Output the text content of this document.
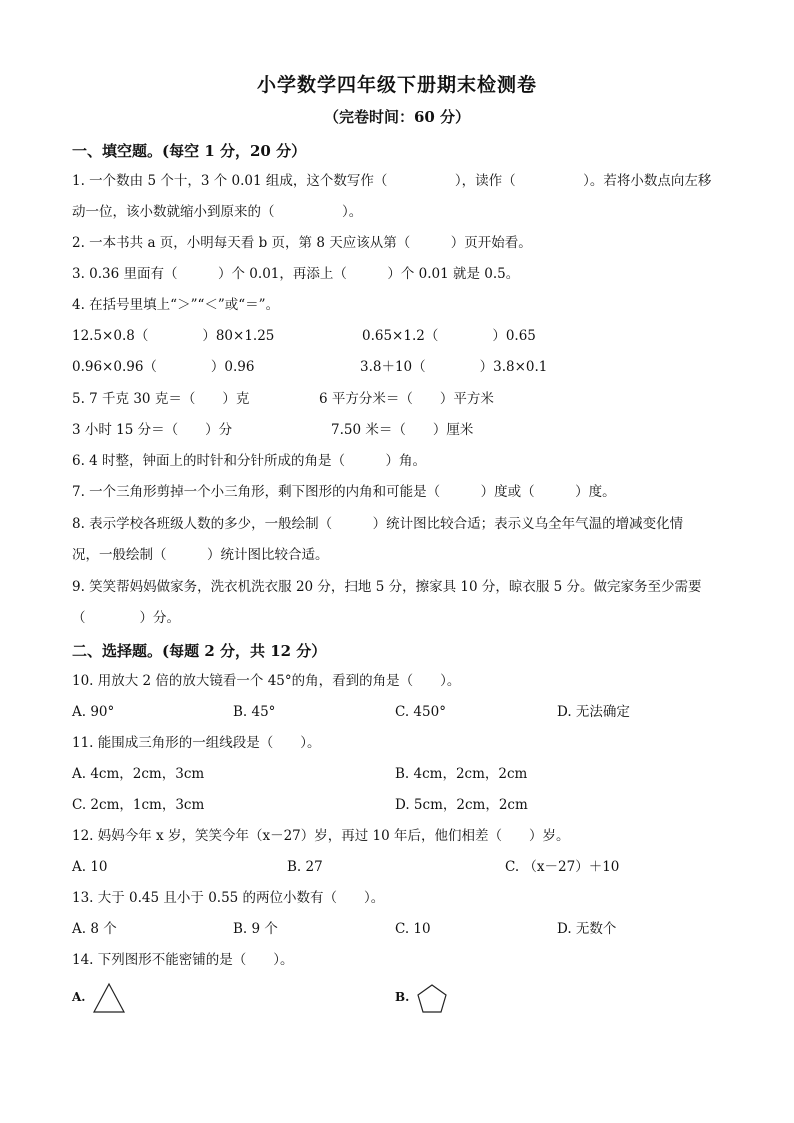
小学数学四年级下册期末检测卷
（完卷时间：60 分）
一、填空题。(每空 1 分，20 分）
1. 一个数由 5 个十，3 个 0.01 组成，这个数写作（　　　　　），读作（　　　　　）。若将小数点向左移
动一位，该小数就缩小到原来的（　　　　　）。
2. 一本书共 a 页，小明每天看 b 页，第 8 天应该从第（　　　）页开始看。
3. 0.36 里面有（　　　）个 0.01，再添上（　　　）个 0.01 就是 0.5。
4. 在括号里填上“＞”“＜”或“＝”。
12.5×0.8（　　　　）80×1.25	0.65×1.2（　　　　）0.65
0.96×0.96（　　　　）0.96	3.8＋10（　　　　）3.8×0.1
5. 7 千克 30 克＝（　　）克	6 平方分米＝（　　）平方米
3 小时 15 分＝（　　）分	7.50 米＝（　　）厘米
6. 4 时整，钟面上的时针和分针所成的角是（　　　）角。
7. 一个三角形剪掉一个小三角形，剩下图形的内角和可能是（　　　）度或（　　　）度。
8. 表示学校各班级人数的多少，一般绘制（　　　）统计图比较合适；表示义乌全年气温的增减变化情
况，一般绘制（　　　）统计图比较合适。
9. 笑笑帮妈妈做家务，洗衣机洗衣服 20 分，扫地 5 分，擦家具 10 分，晾衣服 5 分。做完家务至少需要
（　　　　）分。
二、选择题。(每题 2 分，共 12 分）
10. 用放大 2 倍的放大镜看一个 45°的角，看到的角是（　　）。
A. 90°	B. 45°	C. 450°	D. 无法确定
11. 能围成三角形的一组线段是（　　）。
A. 4cm，2cm，3cm	B. 4cm，2cm，2cm
C. 2cm，1cm，3cm	D. 5cm，2cm，2cm
12. 妈妈今年 x 岁，笑笑今年（x－27）岁，再过 10 年后，他们相差（　　）岁。
A. 10	B. 27	C. （x－27）＋10
13. 大于 0.45 且小于 0.55 的两位小数有（　　）。
A. 8 个	B. 9 个	C. 10	D. 无数个
14. 下列图形不能密铺的是（　　）。
A.	B.
